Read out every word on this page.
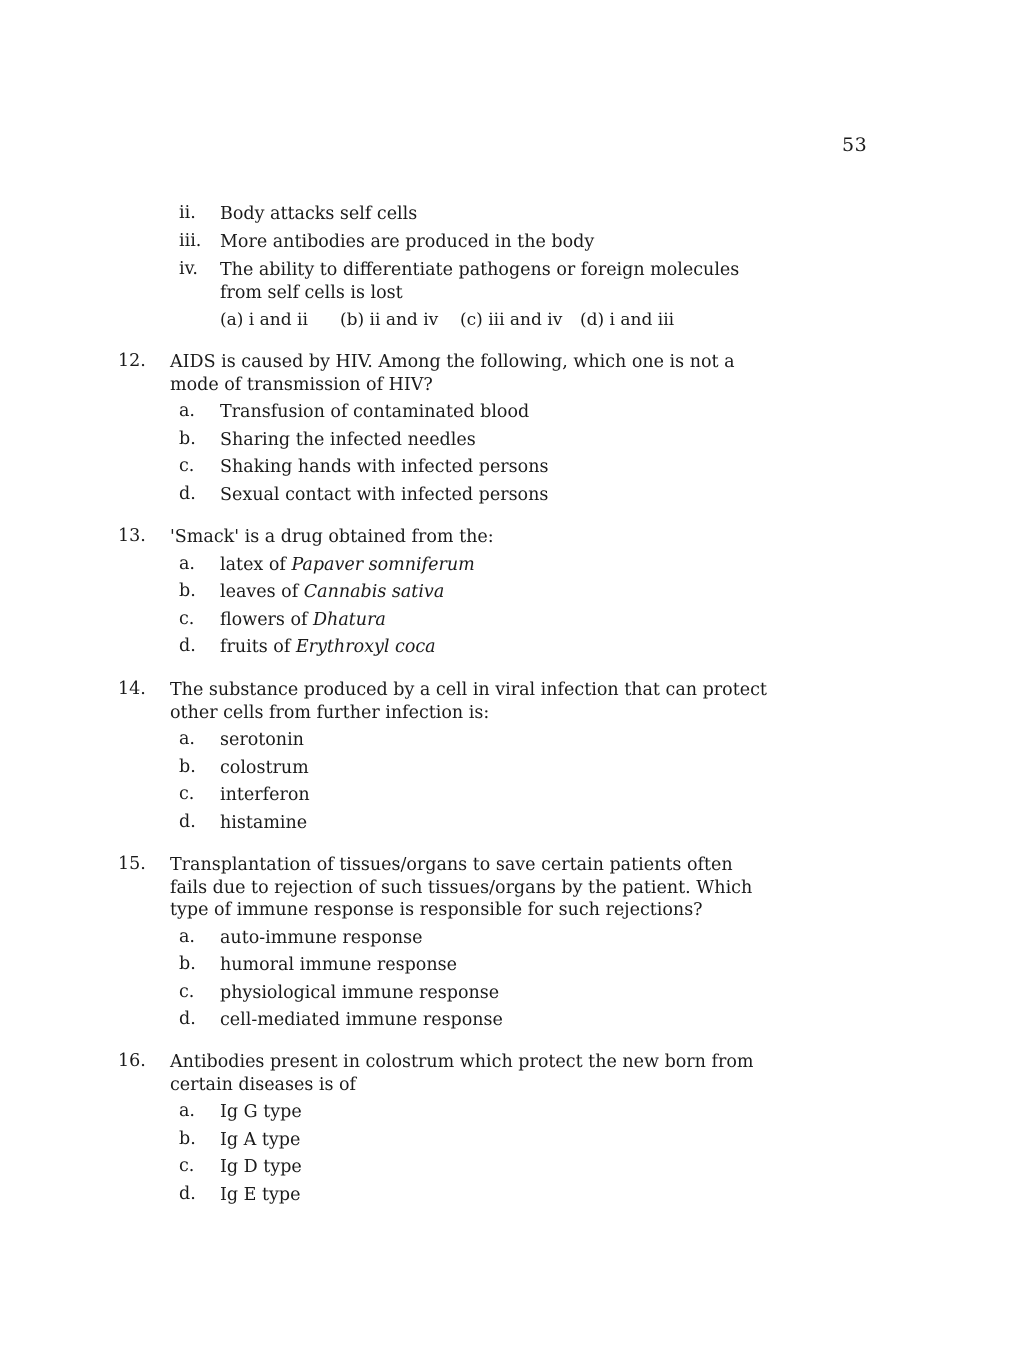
53
ii. Body attacks self cells
iii. More antibodies are produced in the body
iv. The ability to differentiate pathogens or foreign molecules from self cells is lost
(a) i and ii	(b) ii and iv	(c) iii and iv	(d) i and iii
12. AIDS is caused by HIV. Among the following, which one is not a mode of transmission of HIV?
a. Transfusion of contaminated blood
b. Sharing the infected needles
c. Shaking hands with infected persons
d. Sexual contact with infected persons
13. 'Smack' is a drug obtained from the:
a. latex of Papaver somniferum
b. leaves of Cannabis sativa
c. flowers of Dhatura
d. fruits of Erythroxyl coca
14. The substance produced by a cell in viral infection that can protect other cells from further infection is:
a. serotonin
b. colostrum
c. interferon
d. histamine
15. Transplantation of tissues/organs to save certain patients often fails due to rejection of such tissues/organs by the patient. Which type of immune response is responsible for such rejections?
a. auto-immune response
b. humoral immune response
c. physiological immune response
d. cell-mediated immune response
16. Antibodies present in colostrum which protect the new born from certain diseases is of
a. Ig G type
b. Ig A type
c. Ig D type
d. Ig E type
